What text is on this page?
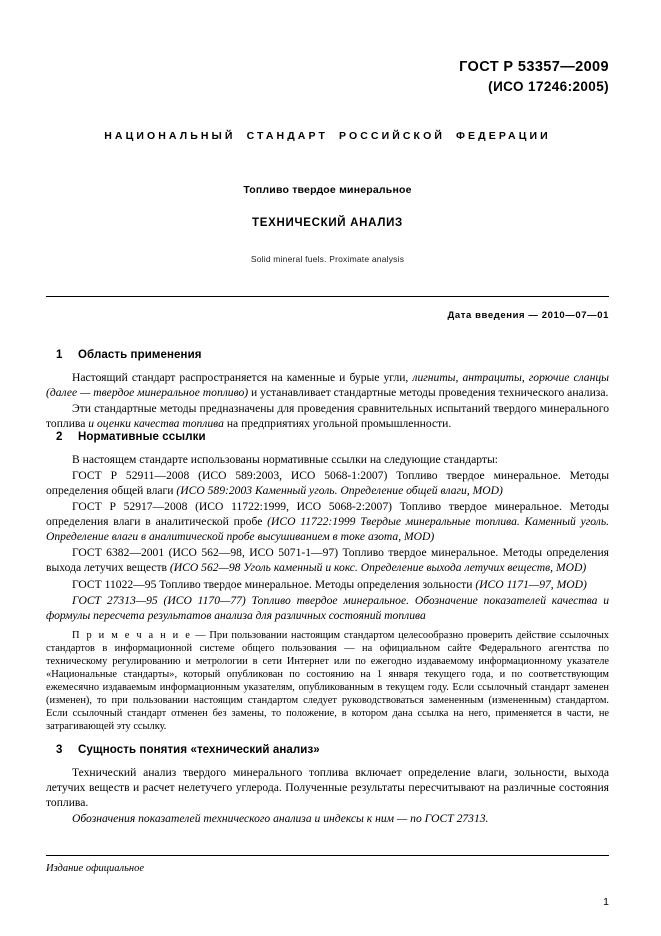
ГОСТ Р 53357—2009
(ИСО 17246:2005)
НАЦИОНАЛЬНЫЙ СТАНДАРТ РОССИЙСКОЙ ФЕДЕРАЦИИ
Топливо твердое минеральное
ТЕХНИЧЕСКИЙ АНАЛИЗ
Solid mineral fuels. Proximate analysis
Дата введения — 2010—07—01
1 Область применения

Настоящий стандарт распространяется на каменные и бурые угли, лигниты, антрациты, горючие сланцы (далее — твердое минеральное топливо) и устанавливает стандартные методы проведения технического анализа.

Эти стандартные методы предназначены для проведения сравнительных испытаний твердого минерального топлива и оценки качества топлива на предприятиях угольной промышленности.

2 Нормативные ссылки

В настоящем стандарте использованы нормативные ссылки на следующие стандарты:

ГОСТ Р 52911—2008 (ИСО 589:2003, ИСО 5068-1:2007) Топливо твердое минеральное. Методы определения общей влаги (ИСО 589:2003 Каменный уголь. Определение общей влаги, MOD)

ГОСТ Р 52917—2008 (ИСО 11722:1999, ИСО 5068-2:2007) Топливо твердое минеральное. Методы определения влаги в аналитической пробе (ИСО 11722:1999 Твердые минеральные топлива. Каменный уголь. Определение влаги в аналитической пробе высушиванием в токе азота, MOD)

ГОСТ 6382—2001 (ИСО 562—98, ИСО 5071-1—97) Топливо твердое минеральное. Методы определения выхода летучих веществ (ИСО 562—98 Уголь каменный и кокс. Определение выхода летучих веществ, MOD)

ГОСТ 11022—95 Топливо твердое минеральное. Методы определения зольности (ИСО 1171—97, MOD)

ГОСТ 27313—95 (ИСО 1170—77) Топливо твердое минеральное. Обозначение показателей качества и формулы пересчета результатов анализа для различных состояний топлива

П р и м е ч а н и е — При пользовании настоящим стандартом целесообразно проверить действие ссылочных стандартов в информационной системе общего пользования — на официальном сайте Федерального агентства по техническому регулированию и метрологии в сети Интернет или по ежегодно издаваемому информационному указателе «Национальные стандарты», который опубликован по состоянию на 1 января текущего года, и по соответствующим ежемесячно издаваемым информационным указателям, опубликованным в текущем году. Если ссылочный стандарт заменен (изменен), то при пользовании настоящим стандартом следует руководствоваться замененным (измененным) стандартом. Если ссылочный стандарт отменен без замены, то положение, в котором дана ссылка на него, применяется в части, не затрагивающей эту ссылку.

3 Сущность понятия «технический анализ»

Технический анализ твердого минерального топлива включает определение влаги, зольности, выхода летучих веществ и расчет нелетучего углерода. Полученные результаты пересчитывают на различные состояния топлива.

Обозначения показателей технического анализа и индексы к ним — по ГОСТ 27313.

Издание официальное
1
